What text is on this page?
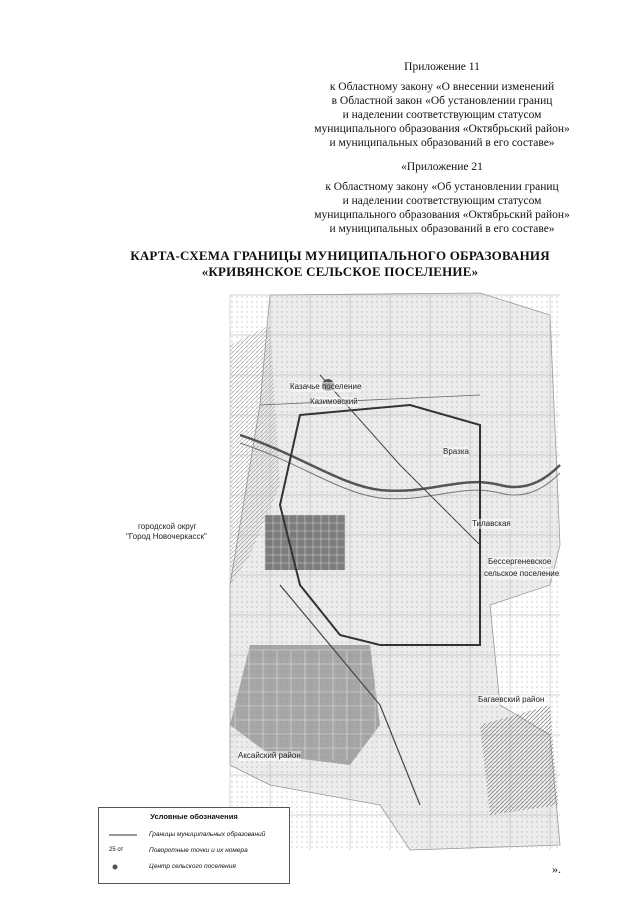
Приложение 11
к Областному закону «О внесении изменений
в Областной закон «Об установлении границ
и наделении соответствующим статусом
муниципального образования «Октябрьский район»
и муниципальных образований в его составе»
«Приложение 21
к Областному закону «Об установлении границ
и наделении соответствующим статусом
муниципального образования «Октябрьский район»
и муниципальных образований в его составе»
КАРТА-СХЕМА ГРАНИЦЫ МУНИЦИПАЛЬНОГО ОБРАЗОВАНИЯ
«КРИВЯНСКОЕ СЕЛЬСКОЕ ПОСЕЛЕНИЕ»
Казачье поселение
Казимовский
Вразка
городской округ
"Город Новочеркасск"
Тилавская
Бессергеневское
сельское поселение
Багаевский район
Аксайский район
Условные обозначения
Границы муниципальных образований
25 от	Поворотные точки и их номера
Центр сельского поселения	».
